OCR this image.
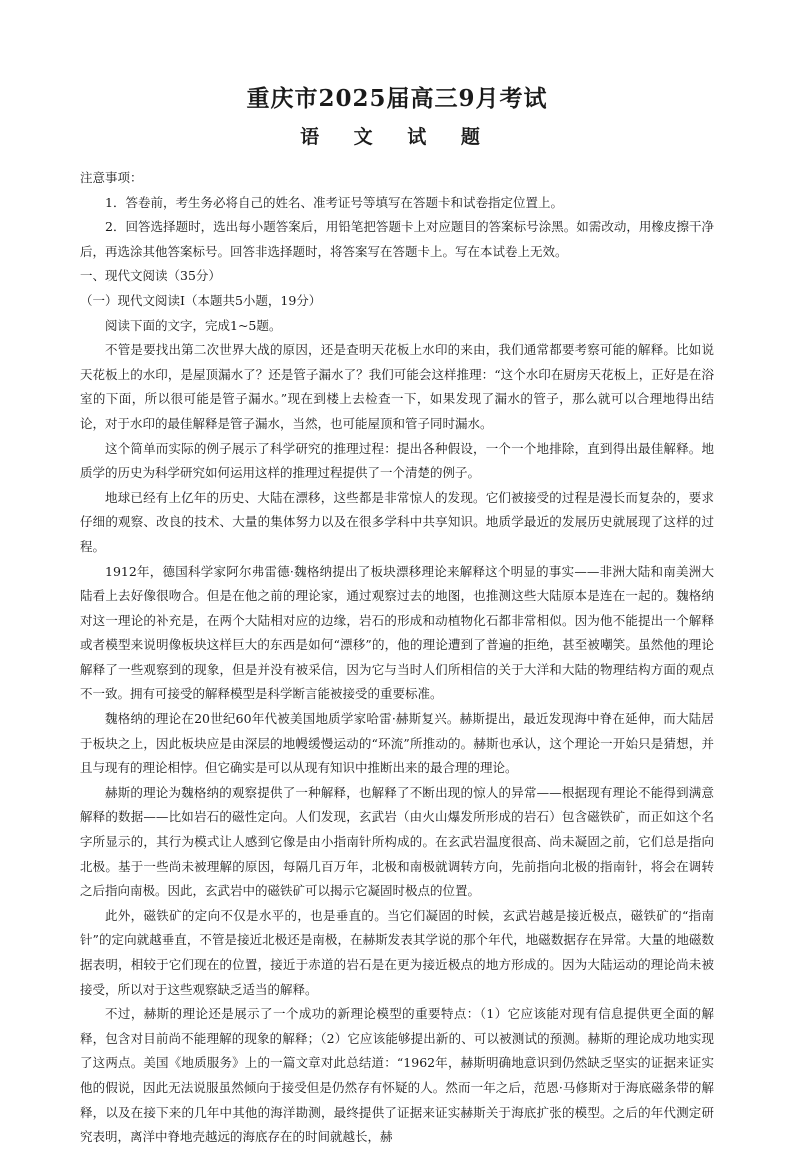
重庆市2025届高三9月考试
语 文 试 题

注意事项：

1．答卷前，考生务必将自己的姓名、准考证号等填写在答题卡和试卷指定位置上。

2．回答选择题时，选出每小题答案后，用铅笔把答题卡上对应题目的答案标号涂黑。如需改动，用橡皮擦干净后，再选涂其他答案标号。回答非选择题时，将答案写在答题卡上。写在本试卷上无效。

一、现代文阅读（35分）

（一）现代文阅读Ⅰ（本题共5小题，19分）

阅读下面的文字，完成1~5题。

不管是要找出第二次世界大战的原因，还是查明天花板上水印的来由，我们通常都要考察可能的解释。比如说天花板上的水印，是屋顶漏水了？还是管子漏水了？我们可能会这样推理：“这个水印在厨房天花板上，正好是在浴室的下面，所以很可能是管子漏水。”现在到楼上去检查一下，如果发现了漏水的管子，那么就可以合理地得出结论，对于水印的最佳解释是管子漏水，当然，也可能屋顶和管子同时漏水。

这个简单而实际的例子展示了科学研究的推理过程：提出各种假设，一个一个地排除，直到得出最佳解释。地质学的历史为科学研究如何运用这样的推理过程提供了一个清楚的例子。

地球已经有上亿年的历史、大陆在漂移，这些都是非常惊人的发现。它们被接受的过程是漫长而复杂的，要求仔细的观察、改良的技术、大量的集体努力以及在很多学科中共享知识。地质学最近的发展历史就展现了这样的过程。

1912年，德国科学家阿尔弗雷德·魏格纳提出了板块漂移理论来解释这个明显的事实——非洲大陆和南美洲大陆看上去好像很吻合。但是在他之前的理论家，通过观察过去的地图，也推测这些大陆原本是连在一起的。魏格纳对这一理论的补充是，在两个大陆相对应的边缘，岩石的形成和动植物化石都非常相似。因为他不能提出一个解释或者模型来说明像板块这样巨大的东西是如何“漂移”的，他的理论遭到了普遍的拒绝，甚至被嘲笑。虽然他的理论解释了一些观察到的现象，但是并没有被采信，因为它与当时人们所相信的关于大洋和大陆的物理结构方面的观点不一致。拥有可接受的解释模型是科学断言能被接受的重要标准。

魏格纳的理论在20世纪60年代被美国地质学家哈雷·赫斯复兴。赫斯提出，最近发现海中脊在延伸，而大陆居于板块之上，因此板块应是由深层的地幔缓慢运动的“环流”所推动的。赫斯也承认，这个理论一开始只是猜想，并且与现有的理论相悖。但它确实是可以从现有知识中推断出来的最合理的理论。

赫斯的理论为魏格纳的观察提供了一种解释，也解释了不断出现的惊人的异常——根据现有理论不能得到满意解释的数据——比如岩石的磁性定向。人们发现，玄武岩（由火山爆发所形成的岩石）包含磁铁矿，而正如这个名字所显示的，其行为模式让人感到它像是由小指南针所构成的。在玄武岩温度很高、尚未凝固之前，它们总是指向北极。基于一些尚未被理解的原因，每隔几百万年，北极和南极就调转方向，先前指向北极的指南针，将会在调转之后指向南极。因此，玄武岩中的磁铁矿可以揭示它凝固时极点的位置。

此外，磁铁矿的定向不仅是水平的，也是垂直的。当它们凝固的时候，玄武岩越是接近极点，磁铁矿的“指南针”的定向就越垂直，不管是接近北极还是南极，在赫斯发表其学说的那个年代，地磁数据存在异常。大量的地磁数据表明，相较于它们现在的位置，接近于赤道的岩石是在更为接近极点的地方形成的。因为大陆运动的理论尚未被接受，所以对于这些观察缺乏适当的解释。

不过，赫斯的理论还是展示了一个成功的新理论模型的重要特点：（1）它应该能对现有信息提供更全面的解释，包含对目前尚不能理解的现象的解释；（2）它应该能够提出新的、可以被测试的预测。赫斯的理论成功地实现了这两点。美国《地质服务》上的一篇文章对此总结道：“1962年，赫斯明确地意识到仍然缺乏坚实的证据来证实他的假说，因此无法说服虽然倾向于接受但是仍然存有怀疑的人。然而一年之后，范恩·马修斯对于海底磁条带的解释，以及在接下来的几年中其他的海洋勘测，最终提供了证据来证实赫斯关于海底扩张的模型。之后的年代测定研究表明，离洋中脊地壳越远的海底存在的时间就越长，赫
